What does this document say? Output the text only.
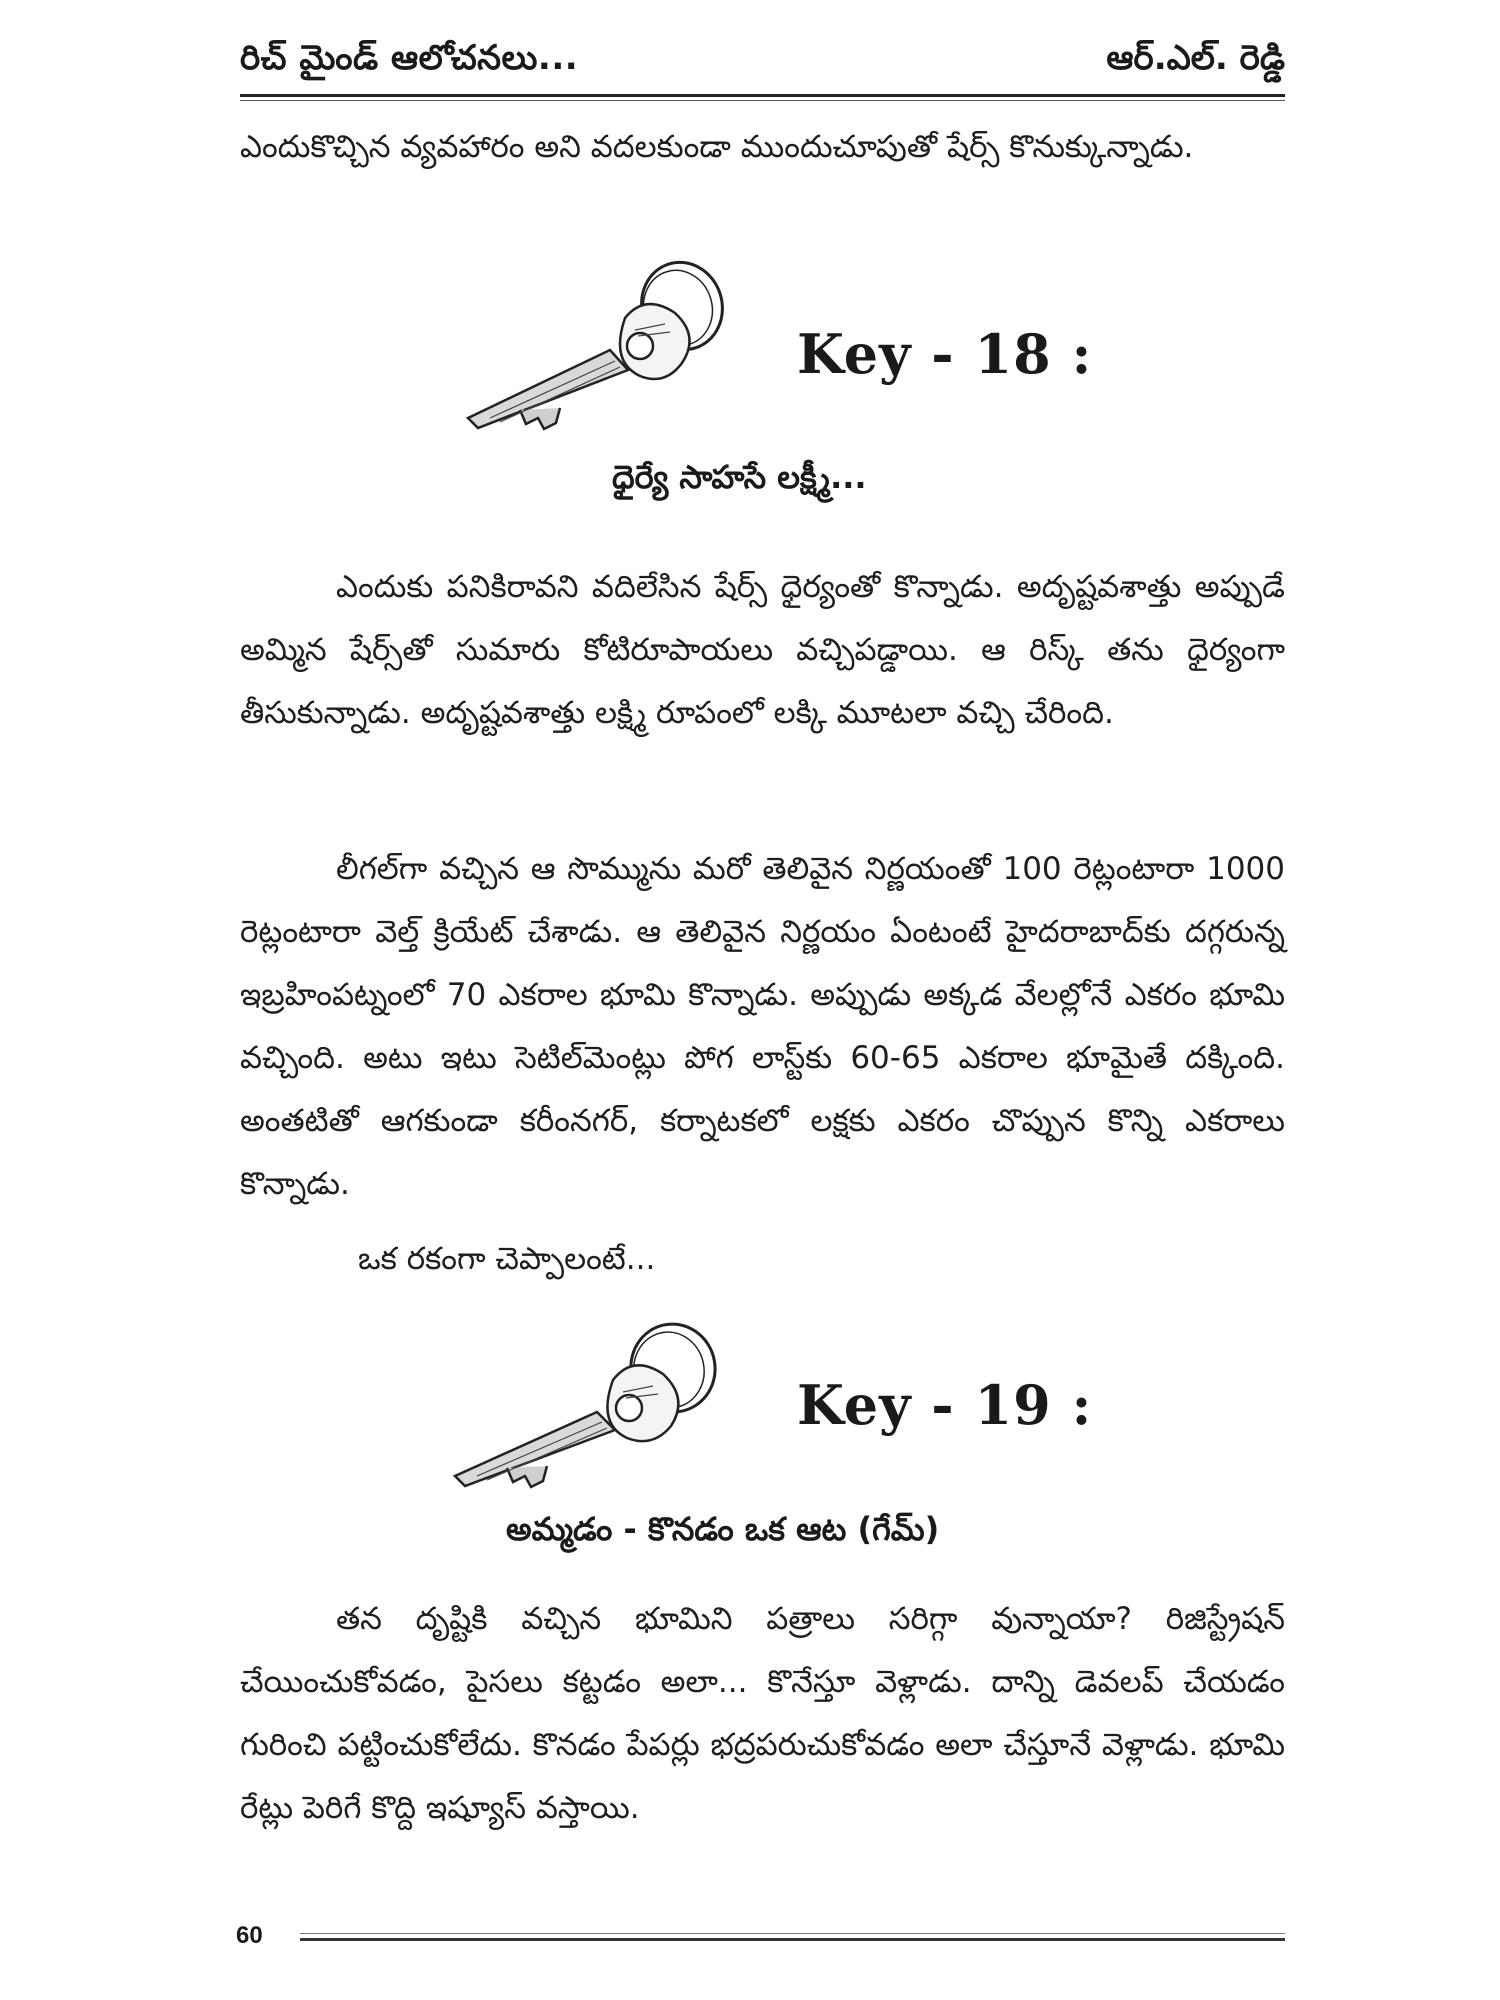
రిచ్ మైండ్ ఆలోచనలు...	ఆర్.ఎల్. రెడ్డి

ఎందుకొచ్చిన వ్యవహారం అని వదలకుండా ముందుచూపుతో షేర్స్ కొనుక్కున్నాడు.

Key - 18 :
ధైర్యే సాహసే లక్ష్మీ...

ఎందుకు పనికిరావని వదిలేసిన షేర్స్ ధైర్యంతో కొన్నాడు. అదృష్టవశాత్తు అప్పుడే అమ్మిన షేర్స్‌తో సుమారు కోటిరూపాయలు వచ్చిపడ్డాయి. ఆ రిస్క్ తను ధైర్యంగా తీసుకున్నాడు. అదృష్టవశాత్తు లక్ష్మి రూపంలో లక్కి మూటలా వచ్చి చేరింది.

లీగల్‌గా వచ్చిన ఆ సొమ్మును మరో తెలివైన నిర్ణయంతో 100 రెట్లంటారా 1000 రెట్లంటారా వెల్త్ క్రియేట్ చేశాడు. ఆ తెలివైన నిర్ణయం ఏంటంటే హైదరాబాద్‌కు దగ్గరున్న ఇబ్రహింపట్నంలో 70 ఎకరాల భూమి కొన్నాడు. అప్పుడు అక్కడ వేలల్లోనే ఎకరం భూమి వచ్చింది. అటు ఇటు సెటిల్‌మెంట్లు పోగ లాస్ట్‌కు 60-65 ఎకరాల భూమైతే దక్కింది. అంతటితో ఆగకుండా కరీంనగర్, కర్నాటకలో లక్షకు ఎకరం చొప్పున కొన్ని ఎకరాలు కొన్నాడు.

ఒక రకంగా చెప్పాలంటే...

Key - 19 :
అమ్మడం - కొనడం ఒక ఆట (గేమ్)

తన దృష్టికి వచ్చిన భూమిని పత్రాలు సరిగ్గా వున్నాయా? రిజిస్ట్రేషన్ చేయించుకోవడం, పైసలు కట్టడం అలా... కొనేస్తూ వెళ్లాడు. దాన్ని డెవలప్ చేయడం గురించి పట్టించుకోలేదు. కొనడం పేపర్లు భద్రపరుచుకోవడం అలా చేస్తూనే వెళ్లాడు. భూమి రేట్లు పెరిగే కొద్ది ఇష్యూస్ వస్తాయి.

60
